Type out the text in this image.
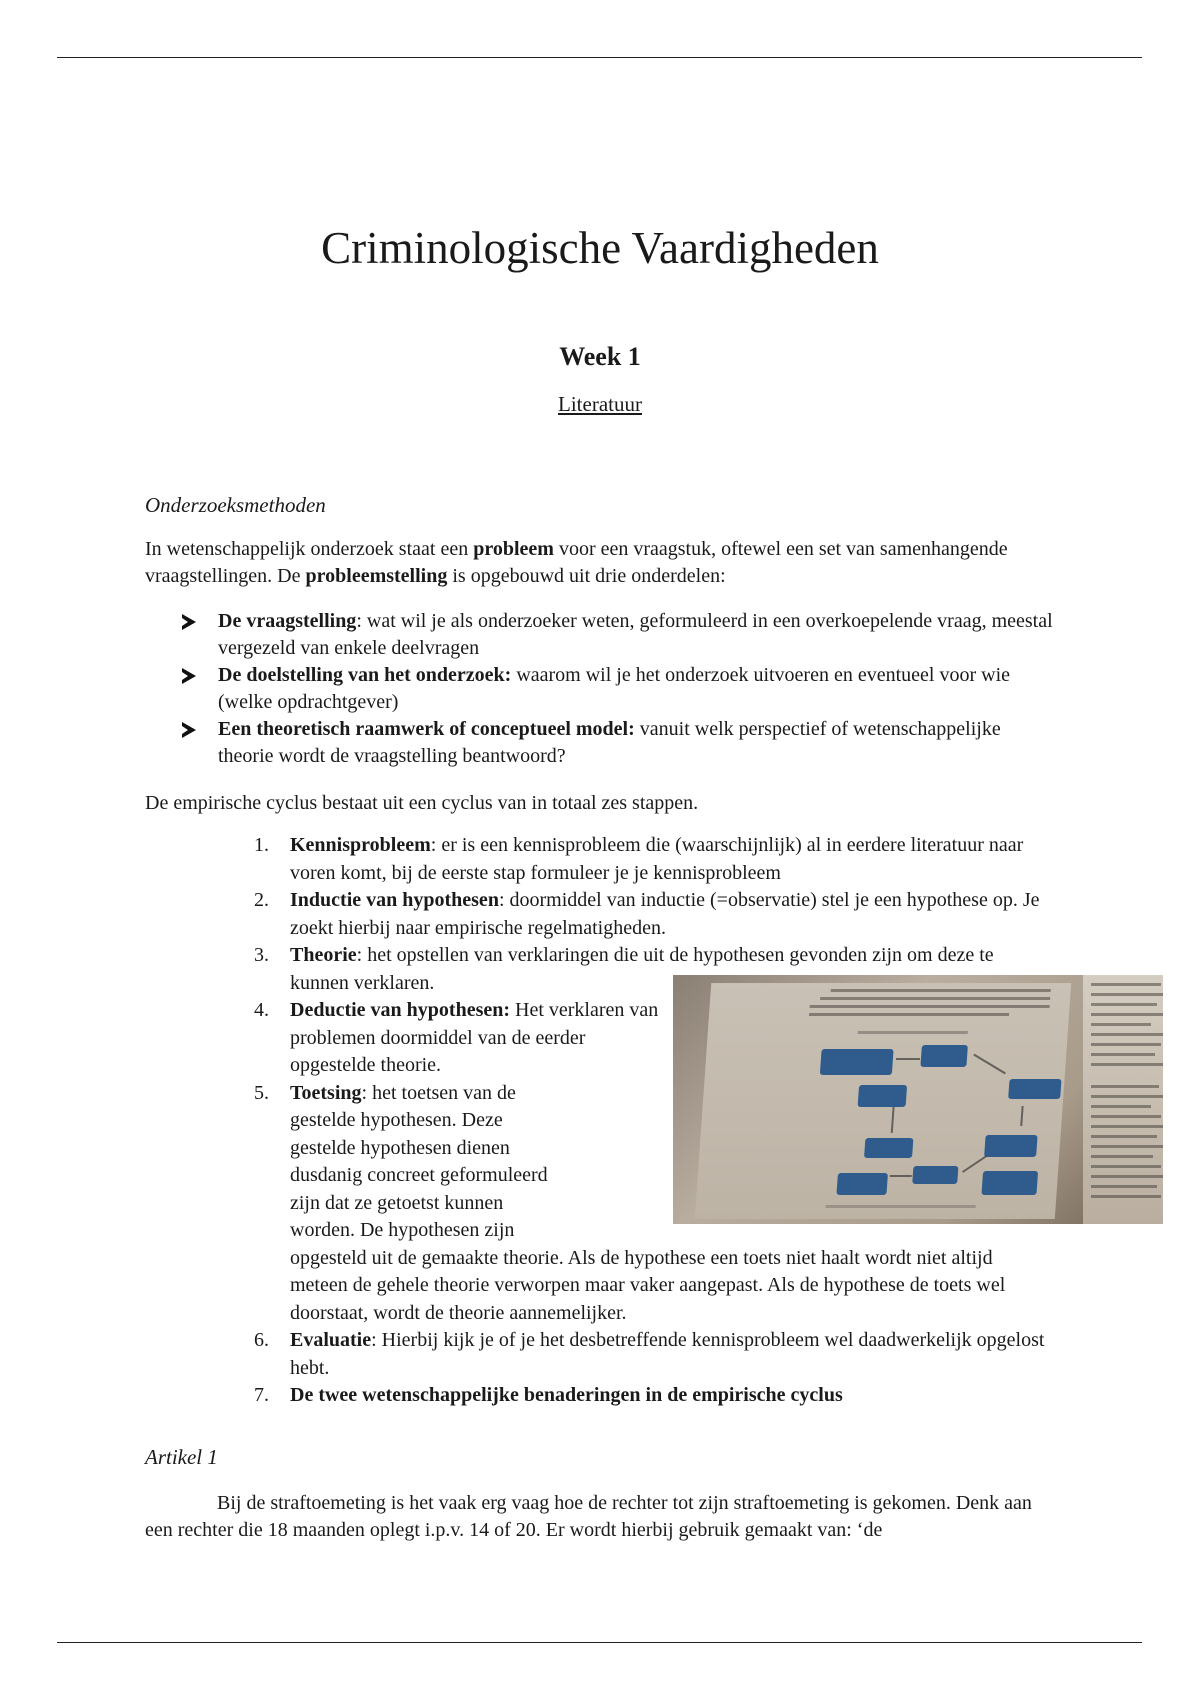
Criminologische Vaardigheden
Week 1
Literatuur
Onderzoeksmethoden
In wetenschappelijk onderzoek staat een probleem voor een vraagstuk, oftewel een set van samenhangende vraagstellingen. De probleemstelling is opgebouwd uit drie onderdelen:
De vraagstelling: wat wil je als onderzoeker weten, geformuleerd in een overkoepelende vraag, meestal vergezeld van enkele deelvragen
De doelstelling van het onderzoek: waarom wil je het onderzoek uitvoeren en eventueel voor wie (welke opdrachtgever)
Een theoretisch raamwerk of conceptueel model: vanuit welk perspectief of wetenschappelijke theorie wordt de vraagstelling beantwoord?
De empirische cyclus bestaat uit een cyclus van in totaal zes stappen.
1. Kennisprobleem: er is een kennisprobleem die (waarschijnlijk) al in eerdere literatuur naar voren komt, bij de eerste stap formuleer je je kennisprobleem
2. Inductie van hypothesen: doormiddel van inductie (=observatie) stel je een hypothese op. Je zoekt hierbij naar empirische regelmatigheden.
3. Theorie: het opstellen van verklaringen die uit de hypothesen gevonden zijn om deze te kunnen verklaren.
4. Deductie van hypothesen: Het verklaren van problemen doormiddel van de eerder opgestelde theorie.
5. Toetsing: het toetsen van de gestelde hypothesen. Deze gestelde hypothesen dienen dusdanig concreet geformuleerd zijn dat ze getoetst kunnen worden. De hypothesen zijn opgesteld uit de gemaakte theorie. Als de hypothese een toets niet haalt wordt niet altijd meteen de gehele theorie verworpen maar vaker aangepast. Als de hypothese de toets wel doorstaat, wordt de theorie aannemelijker.
6. Evaluatie: Hierbij kijk je of je het desbetreffende kennisprobleem wel daadwerkelijk opgelost hebt.
7. De twee wetenschappelijke benaderingen in de empirische cyclus
Artikel 1
Bij de straftoemeting is het vaak erg vaag hoe de rechter tot zijn straftoemeting is gekomen. Denk aan een rechter die 18 maanden oplegt i.p.v. 14 of 20. Er wordt hierbij gebruik gemaakt van: ‘de
